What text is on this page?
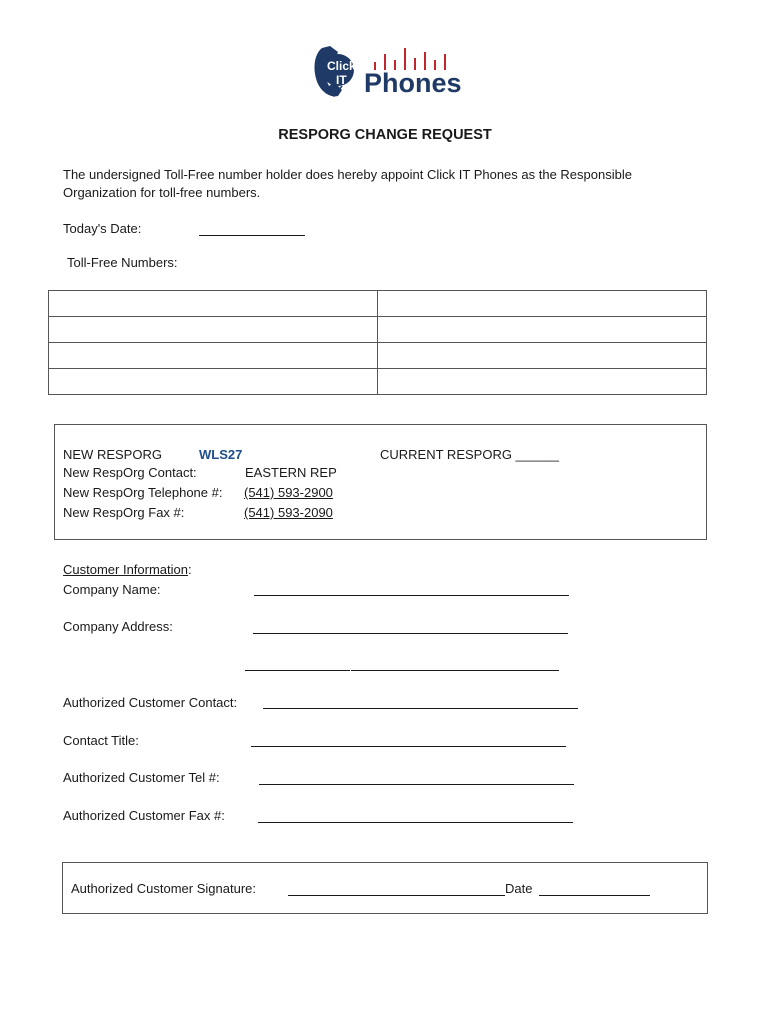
Click
IT Phones
RESPORG CHANGE REQUEST
The undersigned Toll-Free number holder does hereby appoint Click IT Phones as the Responsible Organization for toll-free numbers.
Today's Date:
Toll-Free Numbers:

NEW RESPORG	WLS27	CURRENT RESPORG ______
New RespOrg Contact:	EASTERN REP
New RespOrg Telephone #: (541) 593-2900
New RespOrg Fax #:	(541) 593-2090
Customer Information:
Company Name:
Company Address:
Authorized Customer Contact:
Contact Title:
Authorized Customer Tel #:
Authorized Customer Fax #:
Authorized Customer Signature:	Date
